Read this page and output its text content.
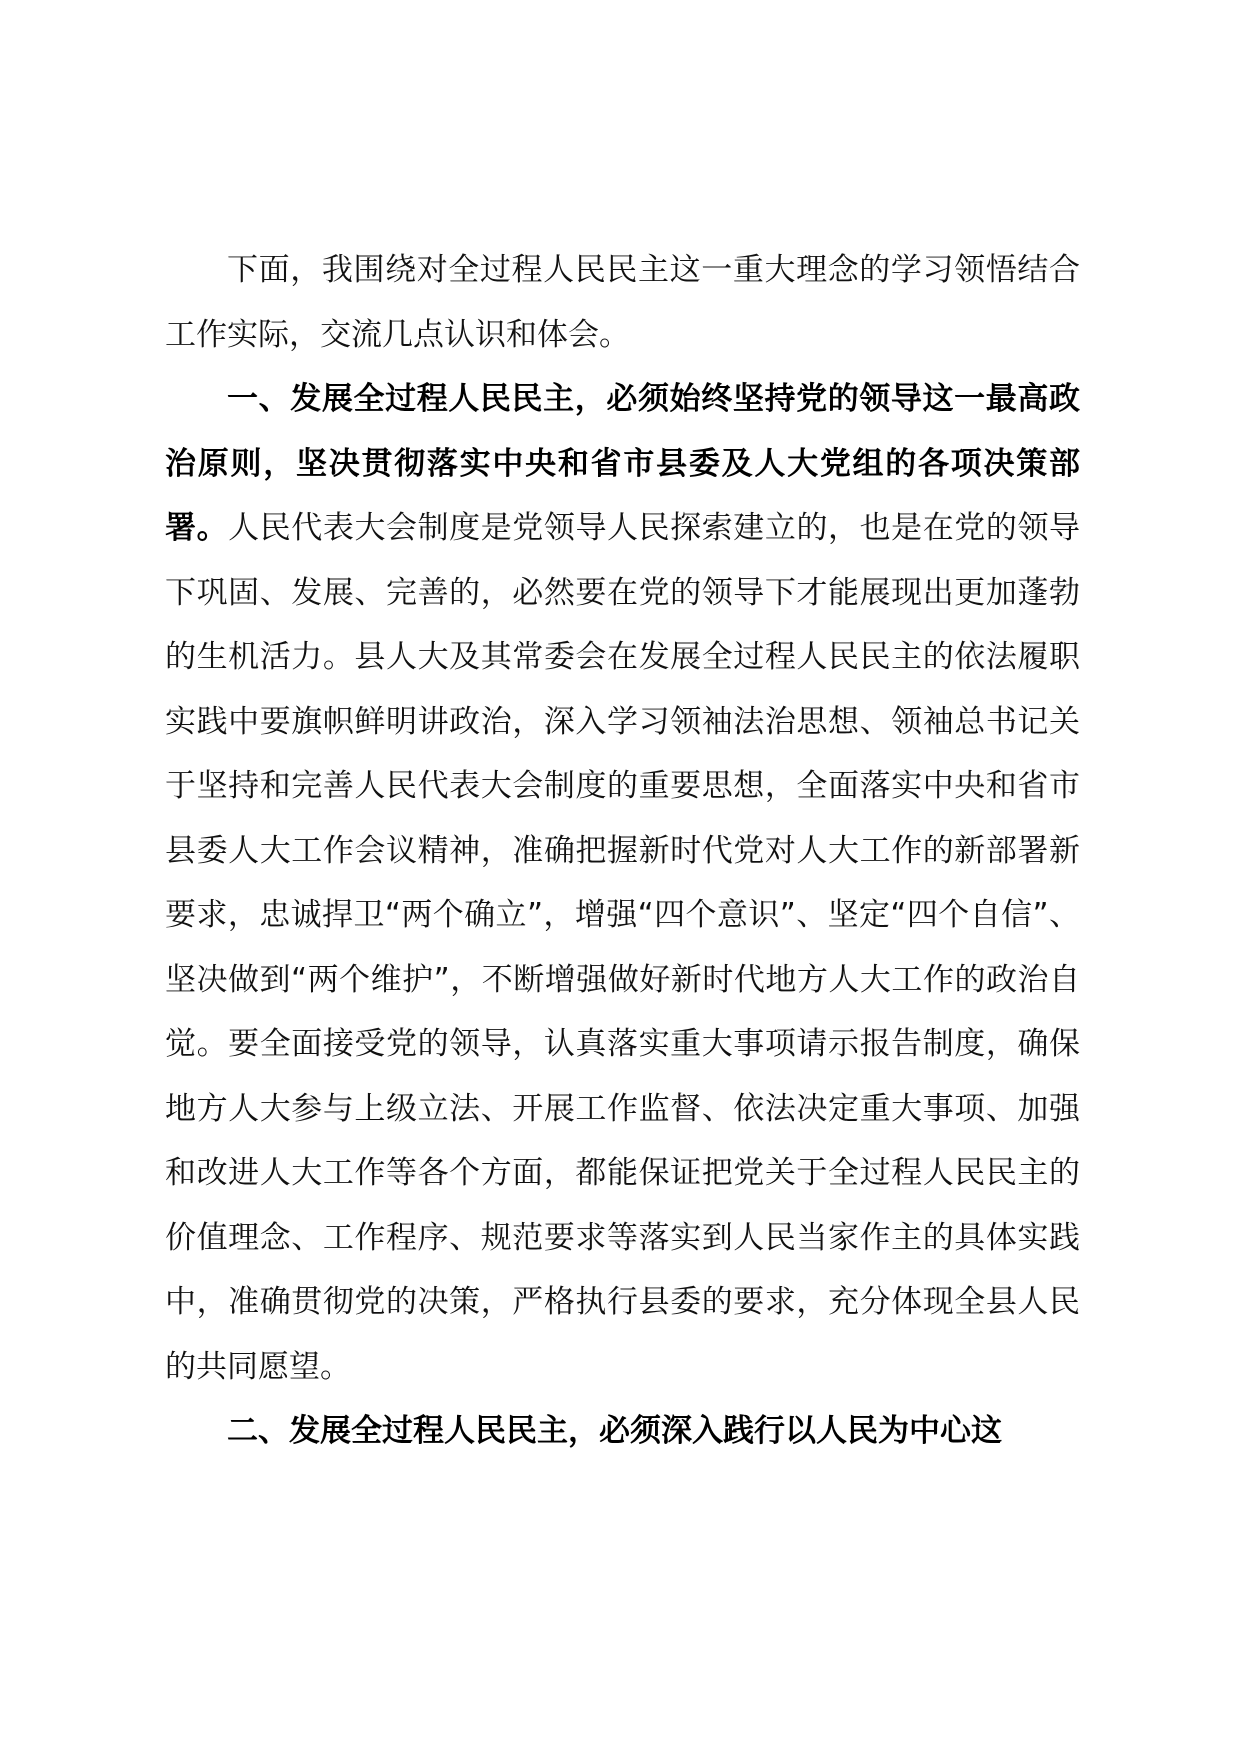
下面，我围绕对全过程人民民主这一重大理念的学习领悟结合工作实际，交流几点认识和体会。

一、发展全过程人民民主，必须始终坚持党的领导这一最高政治原则，坚决贯彻落实中央和省市县委及人大党组的各项决策部署。人民代表大会制度是党领导人民探索建立的，也是在党的领导下巩固、发展、完善的，必然要在党的领导下才能展现出更加蓬勃的生机活力。县人大及其常委会在发展全过程人民民主的依法履职实践中要旗帜鲜明讲政治，深入学习领袖法治思想、领袖总书记关于坚持和完善人民代表大会制度的重要思想，全面落实中央和省市县委人大工作会议精神，准确把握新时代党对人大工作的新部署新要求，忠诚捍卫“两个确立”，增强“四个意识”、坚定“四个自信”、坚决做到“两个维护”，不断增强做好新时代地方人大工作的政治自觉。要全面接受党的领导，认真落实重大事项请示报告制度，确保地方人大参与上级立法、开展工作监督、依法决定重大事项、加强和改进人大工作等各个方面，都能保证把党关于全过程人民民主的价值理念、工作程序、规范要求等落实到人民当家作主的具体实践中，准确贯彻党的决策，严格执行县委的要求，充分体现全县人民的共同愿望。

二、发展全过程人民民主，必须深入践行以人民为中心这
